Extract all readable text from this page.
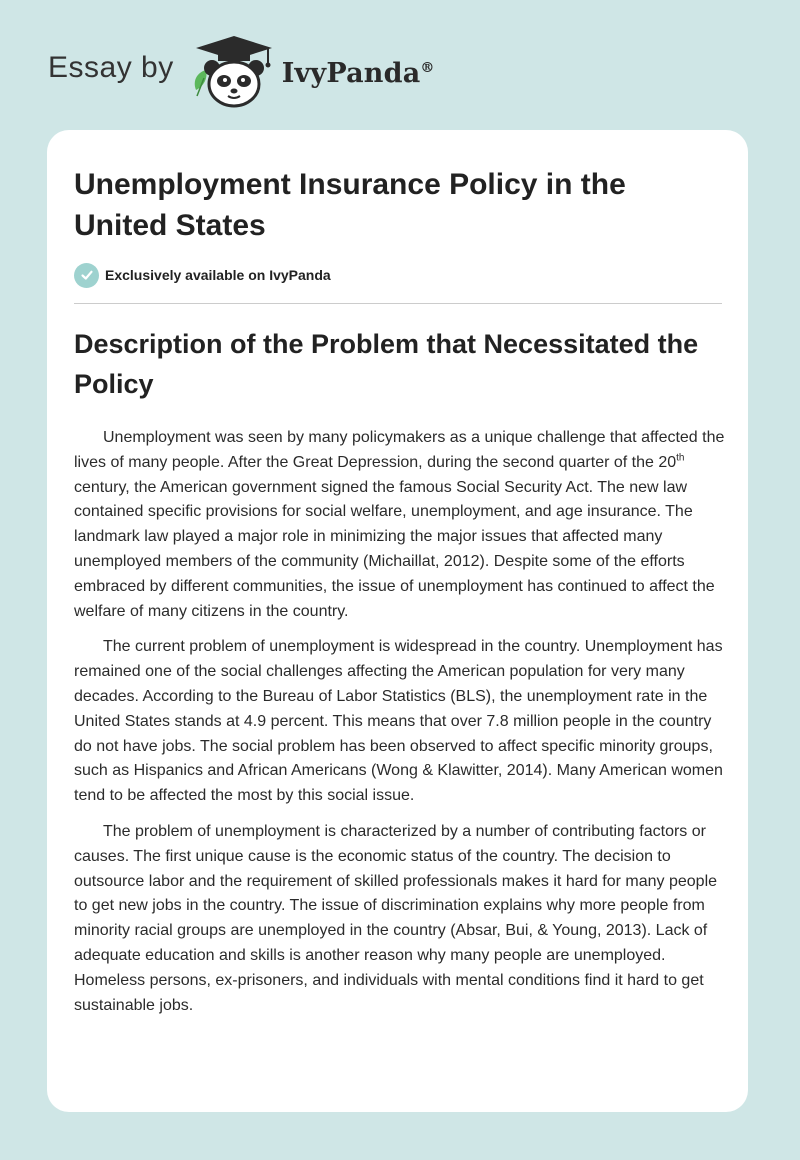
Essay by	IvyPanda®
Unemployment Insurance Policy in the United States
Exclusively available on IvyPanda
Description of the Problem that Necessitated the Policy

Unemployment was seen by many policymakers as a unique challenge that affected the lives of many people. After the Great Depression, during the second quarter of the 20th century, the American government signed the famous Social Security Act. The new law contained specific provisions for social welfare, unemployment, and age insurance. The landmark law played a major role in minimizing the major issues that affected many unemployed members of the community (Michaillat, 2012). Despite some of the efforts embraced by different communities, the issue of unemployment has continued to affect the welfare of many citizens in the country.

The current problem of unemployment is widespread in the country. Unemployment has remained one of the social challenges affecting the American population for very many decades. According to the Bureau of Labor Statistics (BLS), the unemployment rate in the United States stands at 4.9 percent. This means that over 7.8 million people in the country do not have jobs. The social problem has been observed to affect specific minority groups, such as Hispanics and African Americans (Wong & Klawitter, 2014). Many American women tend to be affected the most by this social issue.

The problem of unemployment is characterized by a number of contributing factors or causes. The first unique cause is the economic status of the country. The decision to outsource labor and the requirement of skilled professionals makes it hard for many people to get new jobs in the country. The issue of discrimination explains why more people from minority racial groups are unemployed in the country (Absar, Bui, & Young, 2013). Lack of adequate education and skills is another reason why many people are unemployed. Homeless persons, ex-prisoners, and individuals with mental conditions find it hard to get sustainable jobs.
